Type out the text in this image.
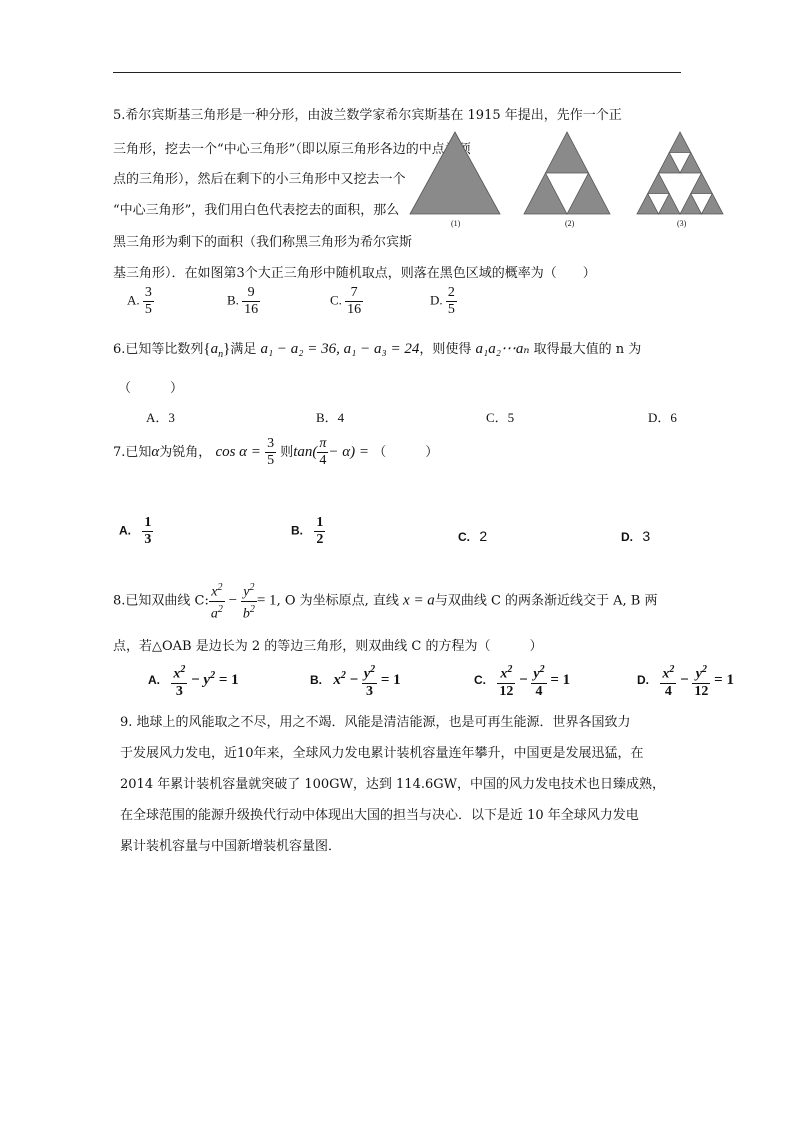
5.希尔宾斯基三角形是一种分形，由波兰数学家希尔宾斯基在 1915 年提出，先作一个正
三角形，挖去一个“中心三角形”（即以原三角形各边的中点为顶
点的三角形），然后在剩下的小三角形中又挖去一个
“中心三角形”，我们用白色代表挖去的面积，那么
黑三角形为剩下的面积（我们称黑三角形为希尔宾斯
基三角形）．在如图第3个大正三角形中随机取点，则落在黑色区域的概率为（　　）
(1)	(2)	(3)
A. $\frac{3}{5}$	B. $\frac{9}{16}$	C. $\frac{7}{16}$	D. $\frac{2}{5}$
6.已知等比数列$\{a_n\}$满足 a₁ − a₂ = 36, a₁ − a₃ = 24，则使得 a₁a₂⋯aₙ 取得最大值的 n 为
（　　　）
A．3	B．4	C．5	D．6
7.已知α为锐角， $\cos \alpha = \frac{3}{5}$ 则$\tan( \frac{\pi}{4} - \alpha)$ = （　　　）
A. $\frac{1}{3}$	B. $\frac{1}{2}$	C. 2	D. 3
8.已知双曲线 C: $\frac{x^2}{a^2} - \frac{y^2}{b^2} = 1$, O 为坐标原点, 直线 x = a与双曲线 C 的两条渐近线交于 A, B 两
点，若△OAB 是边长为 2 的等边三角形，则双曲线 C 的方程为（　　　）
A. $\frac{x^2}{3} - y^2 = 1$	B. $x^2 - \frac{y^2}{3} = 1$	C. $\frac{x^2}{12} - \frac{y^2}{4} = 1$	D. $\frac{x^2}{4} - \frac{y^2}{12} = 1$
9. 地球上的风能取之不尽，用之不竭．风能是清洁能源，也是可再生能源．世界各国致力
于发展风力发电，近10年来，全球风力发电累计装机容量连年攀升，中国更是发展迅猛，在
2014 年累计装机容量就突破了 100GW，达到 114.6GW，中国的风力发电技术也日臻成熟，
在全球范围的能源升级换代行动中体现出大国的担当与决心．以下是近 10 年全球风力发电
累计装机容量与中国新增装机容量图．
